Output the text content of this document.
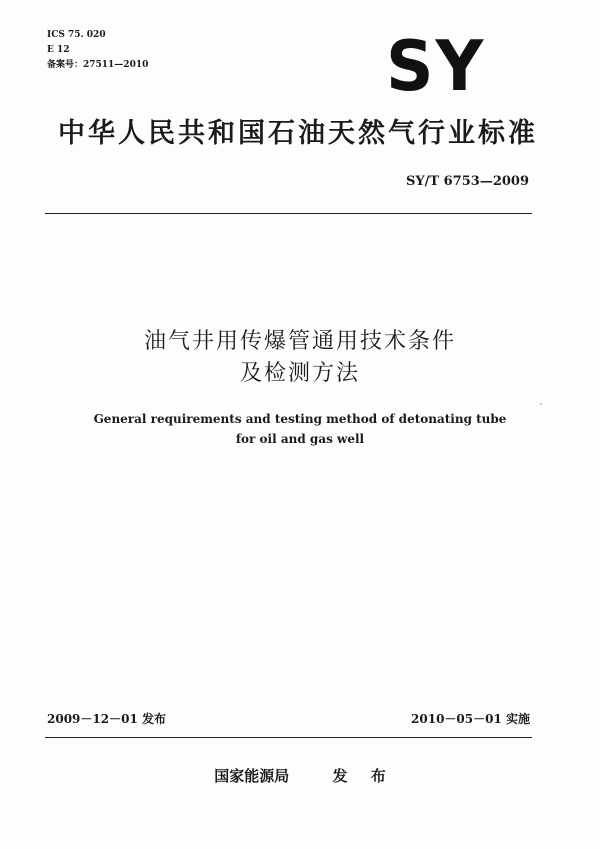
ICS 75. 020
E 12
备案号：27511—2010	SY
中华人民共和国石油天然气行业标准
SY/T 6753—2009
油气井用传爆管通用技术条件
及检测方法
General requirements and testing method of detonating tube
for oil and gas well
2009－12－01 发布	2010－05－01 实施
国家能源局	发 布
